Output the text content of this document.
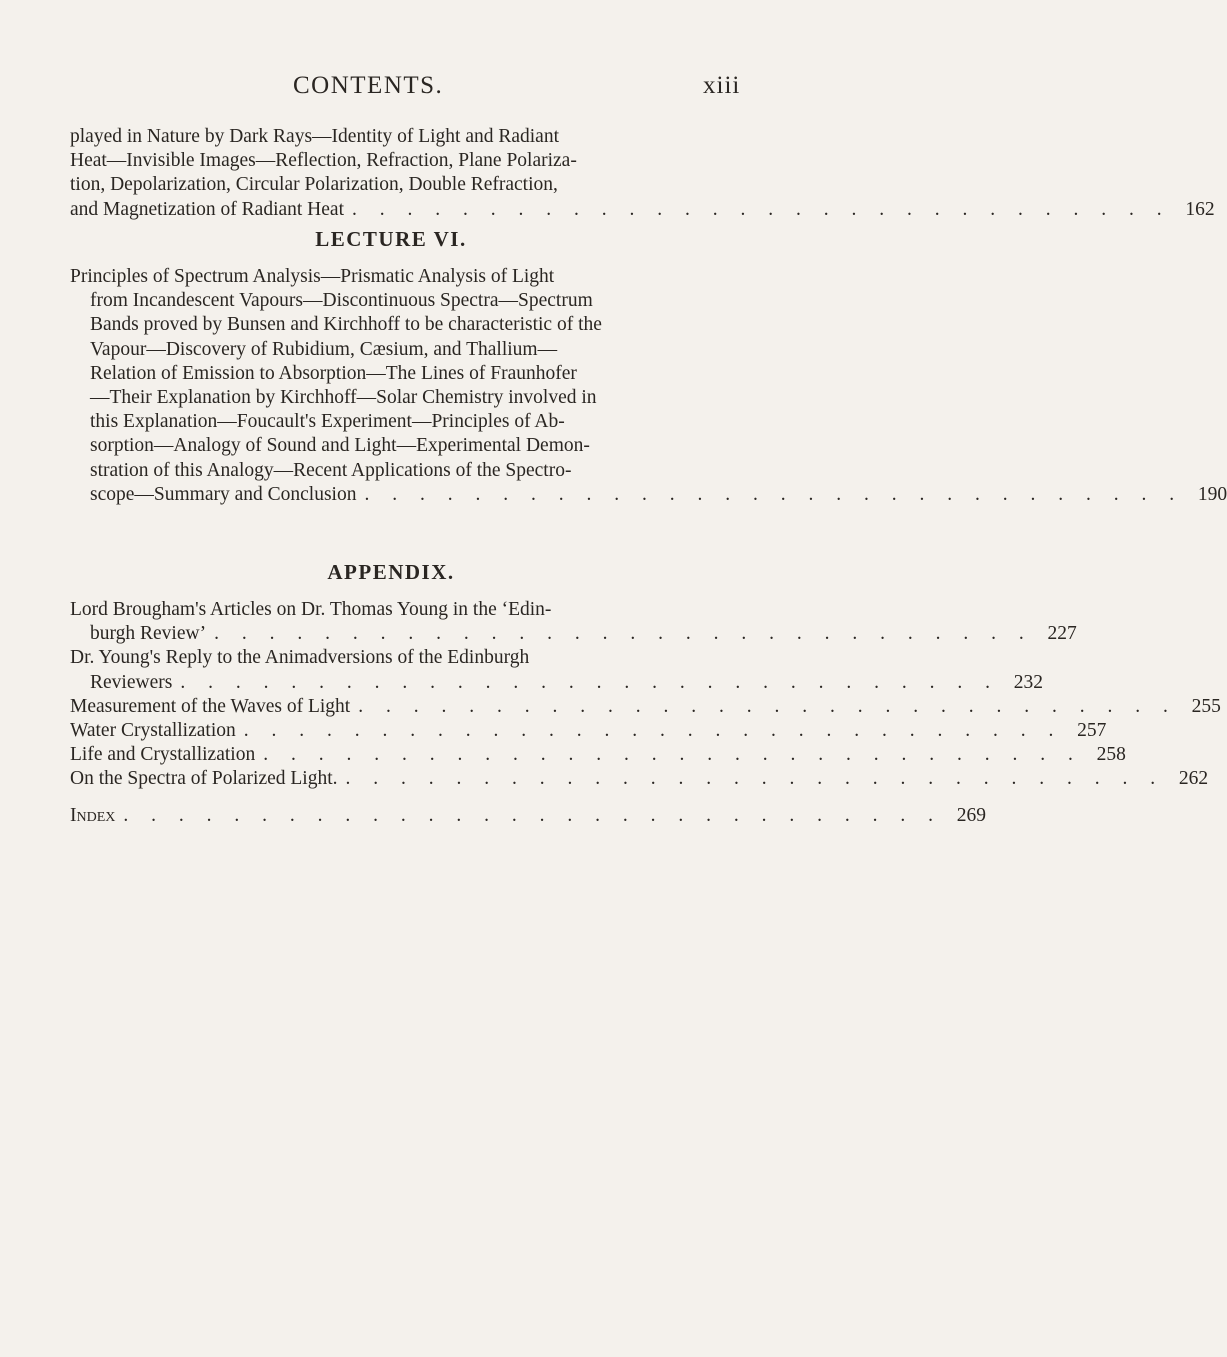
CONTENTS.	xiii

played in Nature by Dark Rays—Identity of Light and Radiant

Heat—Invisible Images—Reflection, Refraction, Plane Polariza-

tion, Depolarization, Circular Polarization, Double Refraction,

and Magnetization of Radiant Heat . . . . . . . . . . . . . . . . . . . . . . . . . . . . . . 162
LECTURE VI.

Principles of Spectrum Analysis—Prismatic Analysis of Light

from Incandescent Vapours—Discontinuous Spectra—Spectrum

Bands proved by Bunsen and Kirchhoff to be characteristic of the

Vapour—Discovery of Rubidium, Cæsium, and Thallium—

Relation of Emission to Absorption—The Lines of Fraunhofer

—Their Explanation by Kirchhoff—Solar Chemistry involved in

this Explanation—Foucault's Experiment—Principles of Ab-

sorption—Analogy of Sound and Light—Experimental Demon-

stration of this Analogy—Recent Applications of the Spectro-

scope—Summary and Conclusion . . . . . . . . . . . . . . . . . . . . . . . . . . . . . . 190
APPENDIX.

Lord Brougham's Articles on Dr. Thomas Young in the ‘Edin-

burgh Review’ . . . . . . . . . . . . . . . . . . . . . . . . . . . . . . 227

Dr. Young's Reply to the Animadversions of the Edinburgh

Reviewers . . . . . . . . . . . . . . . . . . . . . . . . . . . . . . 232
Measurement of the Waves of Light . . . . . . . . . . . . . . . . . . . . . . . . . . . . . . 255
Water Crystallization . . . . . . . . . . . . . . . . . . . . . . . . . . . . . . 257
Life and Crystallization . . . . . . . . . . . . . . . . . . . . . . . . . . . . . . 258
On the Spectra of Polarized Light. . . . . . . . . . . . . . . . . . . . . . . . . . . . . . . 262
Index . . . . . . . . . . . . . . . . . . . . . . . . . . . . . . 269
